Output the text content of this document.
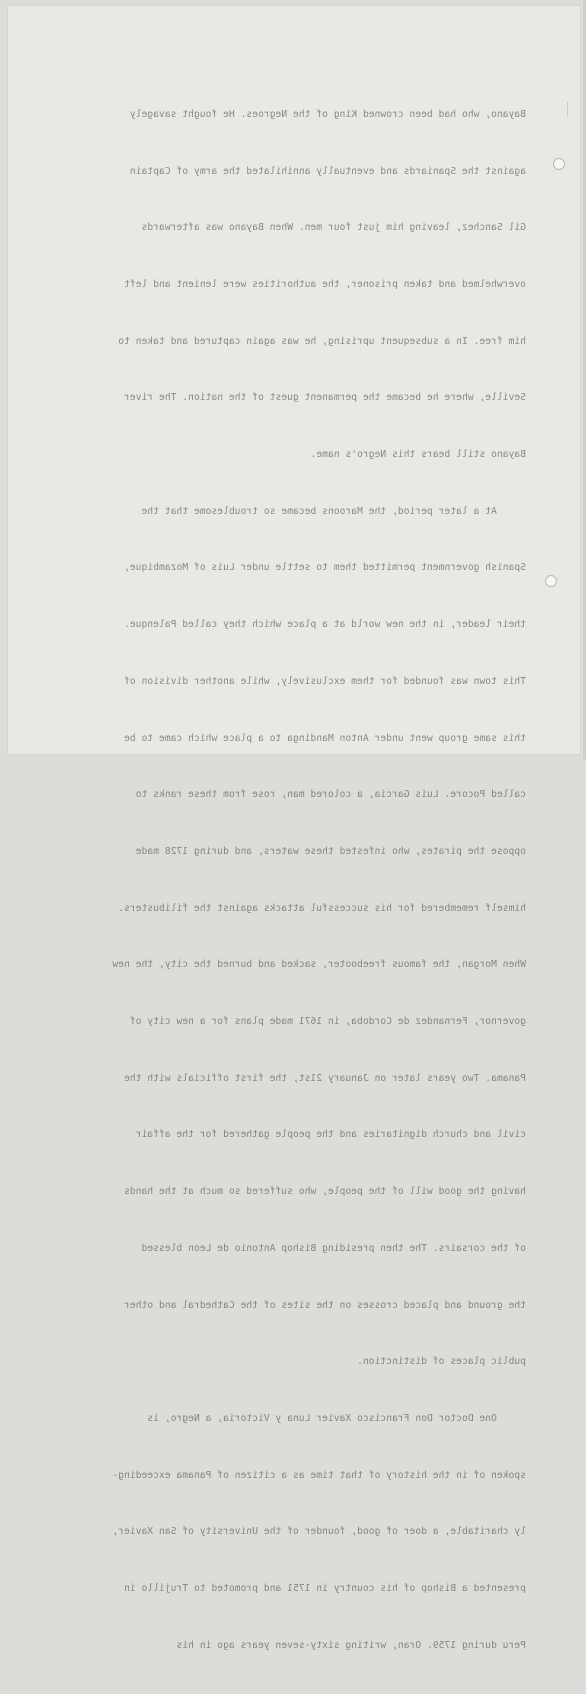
Bayano, who had been crowned King of the Negroes. He fought savagely

against the Spaniards and eventually annihilated the army of Captain

Gil Sanchez, leaving him just four men. When Bayano was afterwards

overwhelmed and taken prisoner, the authorities were lenient and left

him free. In a subsequent uprising, he was again captured and taken to

Seville, where he became the permanent guest of the nation. The river

Bayano still bears this Negro's name.

At a later period, the Maroons became so troublesome that the

Spanish government permitted them to settle under Luis of Mozambique,

their leader, in the new world at a place which they called Palenque.

This town was founded for them exclusively, while another division of

this same group went under Anton Mandinga to a place which came to be

called Pocore. Luis Garcia, a colored man, rose from these ranks to

oppose the pirates, who infested these waters, and during 1728 made

himself remembered for his successful attacks against the filibusters.

When Morgan, the famous freebooter, sacked and burned the city, the new

governor, Fernandez de Cordoba, in 1671 made plans for a new city of

Panama. Two years later on January 21st, the first officials with the

civil and church dignitaries and the people gathered for the affair

having the good will of the people, who suffered so much at the hands

of the corsairs. The then presiding Bishop Antonio de Leon blessed

the ground and placed crosses on the sites of the Cathedral and other

public places of distinction.

One Doctor Don Francisco Xavier Luna y Victoria, a Negro, is

spoken of in the history of that time as a citizen of Panama exceeding-

ly charitable, a doer of good, founder of the University of San Xavier,

presented a Bishop of his country in 1751 and promoted to Trujillo in

Peru during 1759. Oran, writing sixty-seven years ago in his
